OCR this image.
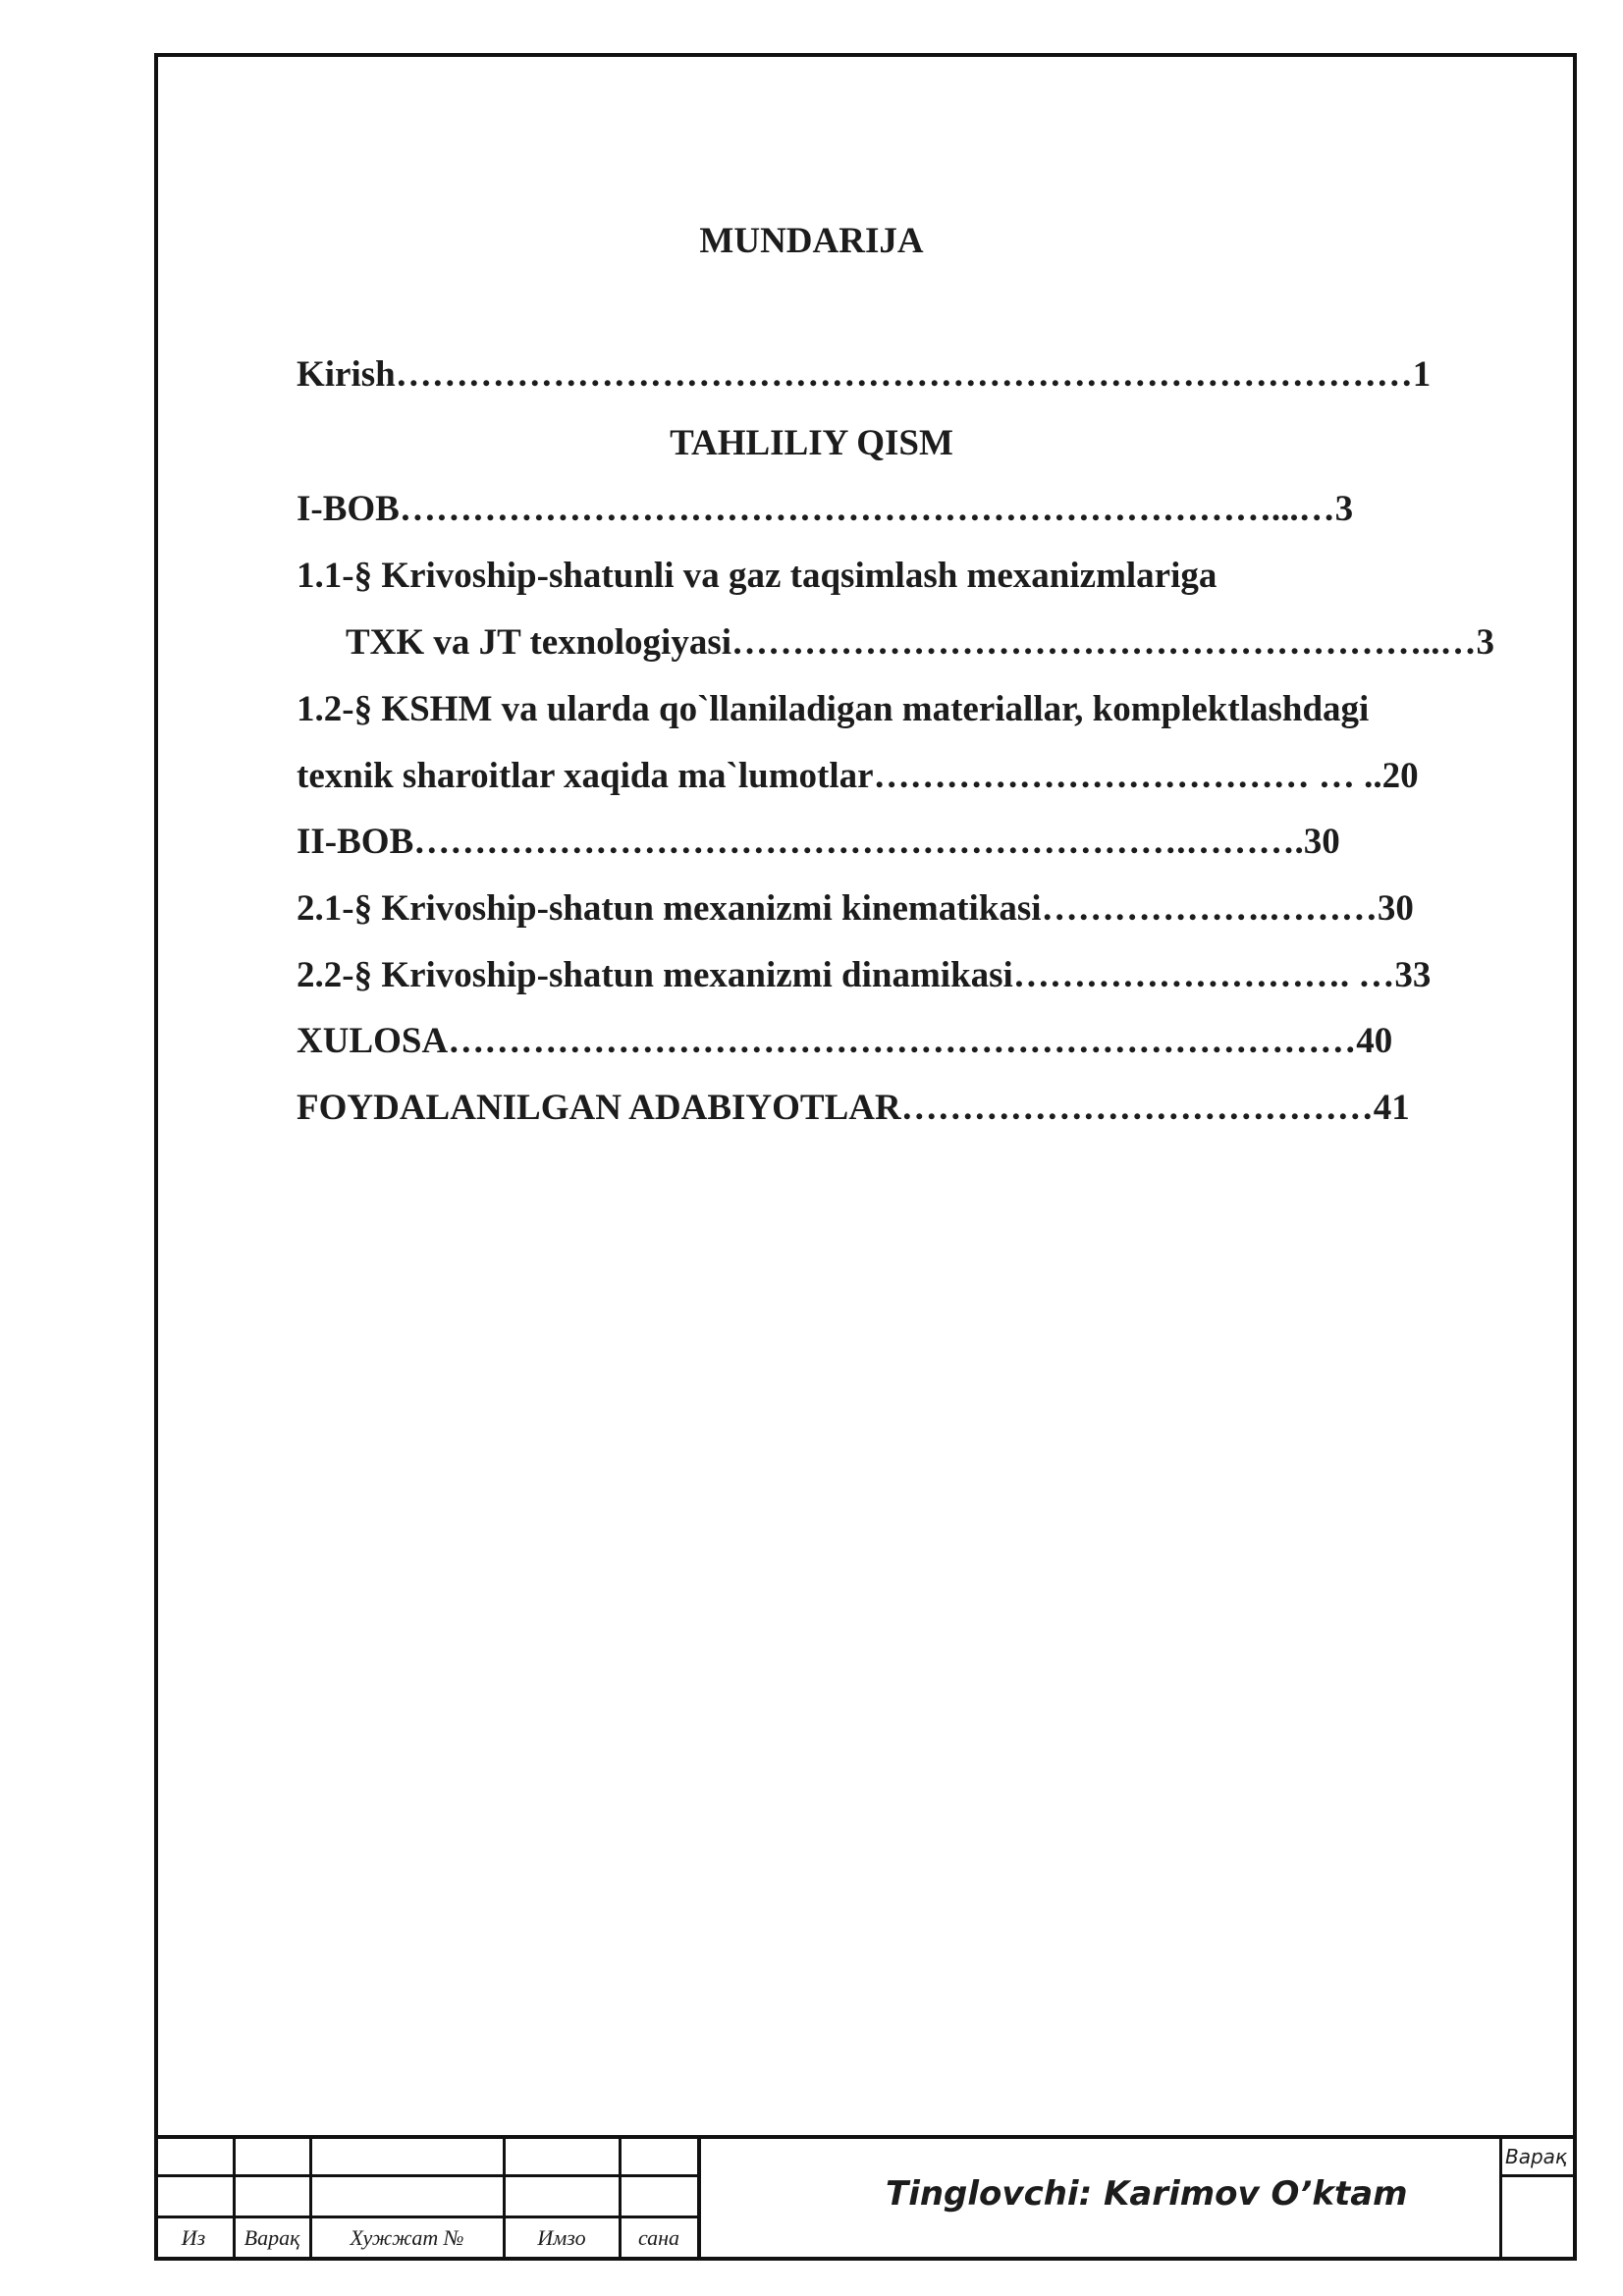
MUNDARIJA
Kirish…………………………………………………………………………1
TAHLILIY QISM
I-BOB………………………………………………………………...…3
1.1-§ Krivoship-shatunli va gaz taqsimlash mexanizmlariga
TXK va JT texnologiyasi…………………………………………………..…3
1.2-§ KSHM va ularda qo`llaniladigan materiallar, komplektlashdagi
texnik sharoitlar xaqida ma`lumotlar……………………………… … ..20
II-BOB……………………………………………………….……….30
2.1-§ Krivoship-shatun mexanizmi kinematikasi……………….………30
2.2-§ Krivoship-shatun mexanizmi dinamikasi………………………. …33
XULOSA…………………………………………………………………40
FOYDALANILGAN ADABIYOTLAR…………………………………41
Из	Варақ	Хужжат №	Имзо	сана
Tinglovchi: Karimov O’ktam
Варақ
